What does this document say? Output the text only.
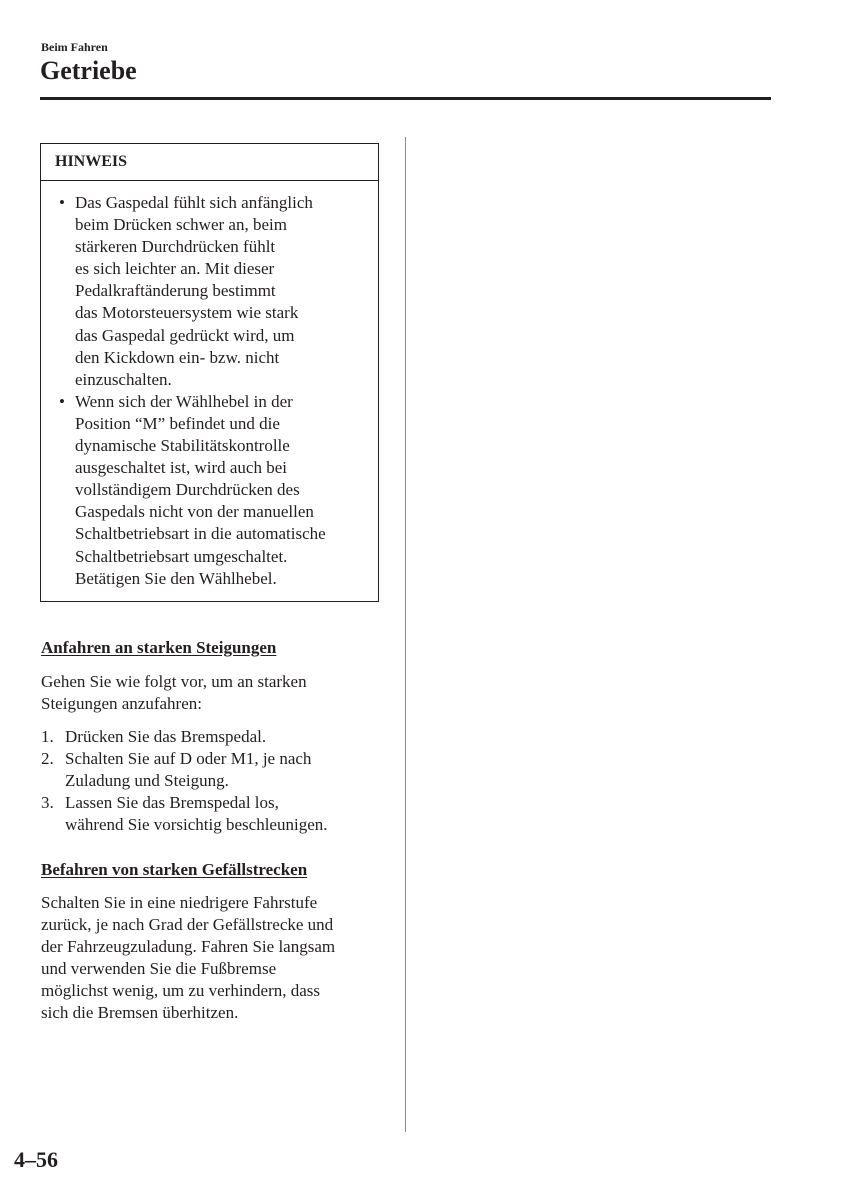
Beim Fahren
Getriebe
HINWEIS
• Das Gaspedal fühlt sich anfänglich
beim Drücken schwer an, beim
stärkeren Durchdrücken fühlt
es sich leichter an. Mit dieser
Pedalkraftänderung bestimmt
das Motorsteuersystem wie stark
das Gaspedal gedrückt wird, um
den Kickdown ein- bzw. nicht
einzuschalten.
• Wenn sich der Wählhebel in der
Position “M” befindet und die
dynamische Stabilitätskontrolle
ausgeschaltet ist, wird auch bei
vollständigem Durchdrücken des
Gaspedals nicht von der manuellen
Schaltbetriebsart in die automatische
Schaltbetriebsart umgeschaltet.
Betätigen Sie den Wählhebel.
Anfahren an starken Steigungen
Gehen Sie wie folgt vor, um an starken
Steigungen anzufahren:
1. Drücken Sie das Bremspedal.
2. Schalten Sie auf D oder M1, je nach
Zuladung und Steigung.
3. Lassen Sie das Bremspedal los,
während Sie vorsichtig beschleunigen.
Befahren von starken Gefällstrecken
Schalten Sie in eine niedrigere Fahrstufe
zurück, je nach Grad der Gefällstrecke und
der Fahrzeugzuladung. Fahren Sie langsam
und verwenden Sie die Fußbremse
möglichst wenig, um zu verhindern, dass
sich die Bremsen überhitzen.
4–56
